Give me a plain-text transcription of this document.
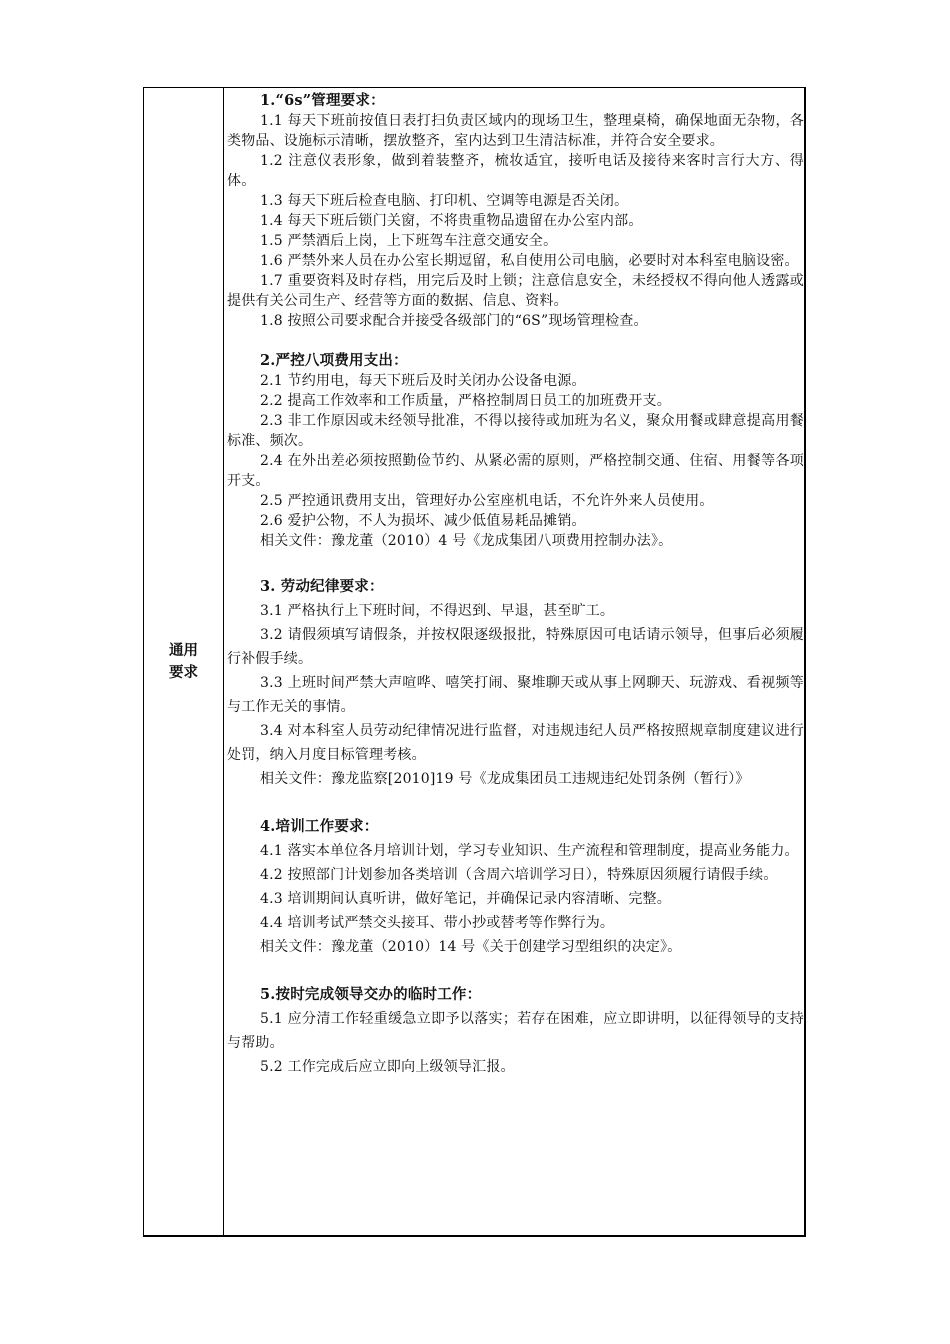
通用
要求

1.“6s”管理要求：

1.1 每天下班前按值日表打扫负责区域内的现场卫生，整理桌椅，确保地面无杂物，各类物品、设施标示清晰，摆放整齐，室内达到卫生清洁标准，并符合安全要求。

1.2 注意仪表形象，做到着装整齐，梳妆适宜，接听电话及接待来客时言行大方、得体。

1.3 每天下班后检查电脑、打印机、空调等电源是否关闭。

1.4 每天下班后锁门关窗，不将贵重物品遗留在办公室内部。

1.5 严禁酒后上岗，上下班驾车注意交通安全。

1.6 严禁外来人员在办公室长期逗留，私自使用公司电脑，必要时对本科室电脑设密。

1.7 重要资料及时存档，用完后及时上锁；注意信息安全，未经授权不得向他人透露或提供有关公司生产、经营等方面的数据、信息、资料。

1.8 按照公司要求配合并接受各级部门的“6S”现场管理检查。

2.严控八项费用支出：

2.1 节约用电，每天下班后及时关闭办公设备电源。

2.2 提高工作效率和工作质量，严格控制周日员工的加班费开支。

2.3 非工作原因或未经领导批准，不得以接待或加班为名义，聚众用餐或肆意提高用餐标准、频次。

2.4 在外出差必须按照勤俭节约、从紧必需的原则，严格控制交通、住宿、用餐等各项开支。

2.5 严控通讯费用支出，管理好办公室座机电话，不允许外来人员使用。

2.6 爱护公物，不人为损坏、减少低值易耗品摊销。

相关文件：豫龙董（2010）4 号《龙成集团八项费用控制办法》。

3. 劳动纪律要求：

3.1 严格执行上下班时间，不得迟到、早退，甚至旷工。

3.2 请假须填写请假条，并按权限逐级报批，特殊原因可电话请示领导，但事后必须履行补假手续。

3.3 上班时间严禁大声喧哗、嘻笑打闹、聚堆聊天或从事上网聊天、玩游戏、看视频等与工作无关的事情。

3.4 对本科室人员劳动纪律情况进行监督，对违规违纪人员严格按照规章制度建议进行处罚，纳入月度目标管理考核。

相关文件：豫龙监察[2010]19 号《龙成集团员工违规违纪处罚条例（暂行）》

4.培训工作要求：

4.1 落实本单位各月培训计划，学习专业知识、生产流程和管理制度，提高业务能力。

4.2 按照部门计划参加各类培训（含周六培训学习日），特殊原因须履行请假手续。

4.3 培训期间认真听讲，做好笔记，并确保记录内容清晰、完整。

4.4 培训考试严禁交头接耳、带小抄或替考等作弊行为。

相关文件：豫龙董（2010）14 号《关于创建学习型组织的决定》。

5.按时完成领导交办的临时工作：

5.1 应分清工作轻重缓急立即予以落实；若存在困难，应立即讲明，以征得领导的支持与帮助。

5.2 工作完成后应立即向上级领导汇报。
